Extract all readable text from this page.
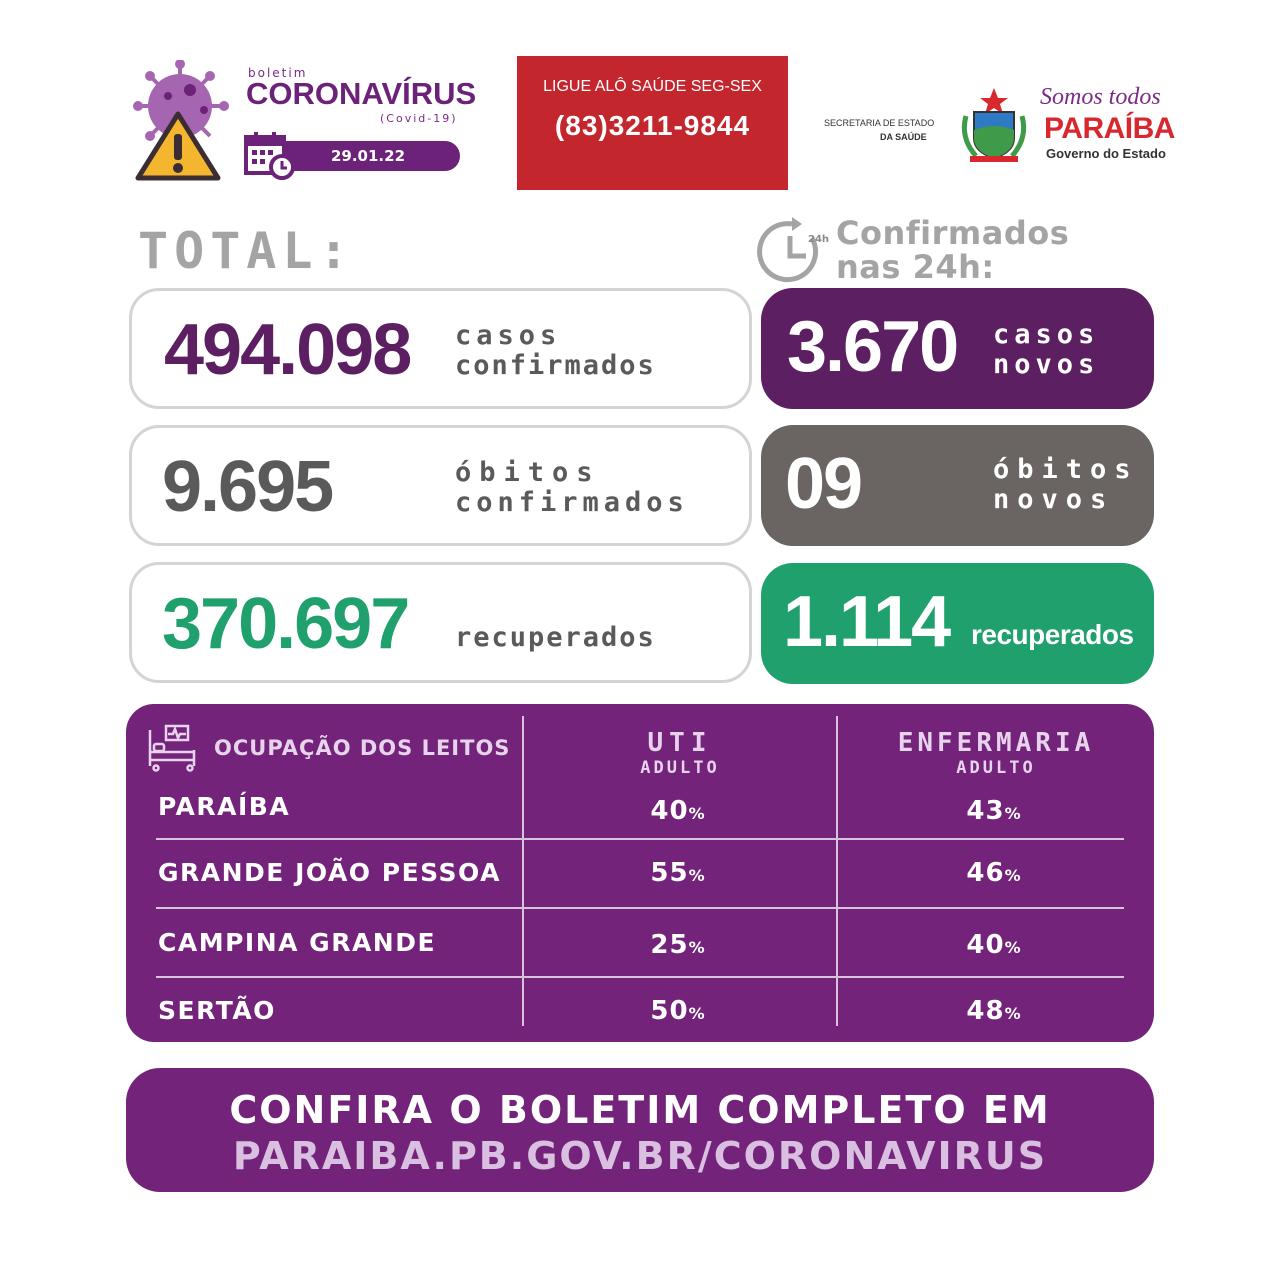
boletim
CORONAVÍRUS
(Covid-19)
29.01.22
LIGUE ALÔ SAÚDE SEG-SEX
(83)3211-9844	SECRETARIA DE ESTADO
DA SAÚDE
Somos todos
PARAÍBA
Governo do Estado
TOTAL:	24h Confirmados
nas 24h:
494.098 casos
confirmados
9.695	óbitos
confirmados
370.697 recuperados
3.670 casos
novos
09	óbitos
novos
1.114 recuperados
OCUPAÇÃO DOS LEITOS	UTI
ADULTO
ENFERMARIA
ADULTO
PARAÍBA	40%	43%
GRANDE JOÃO PESSOA	55%	46%
CAMPINA GRANDE	25%	40%
SERTÃO	50%	48%
CONFIRA O BOLETIM COMPLETO EM
PARAIBA.PB.GOV.BR/CORONAVIRUS
